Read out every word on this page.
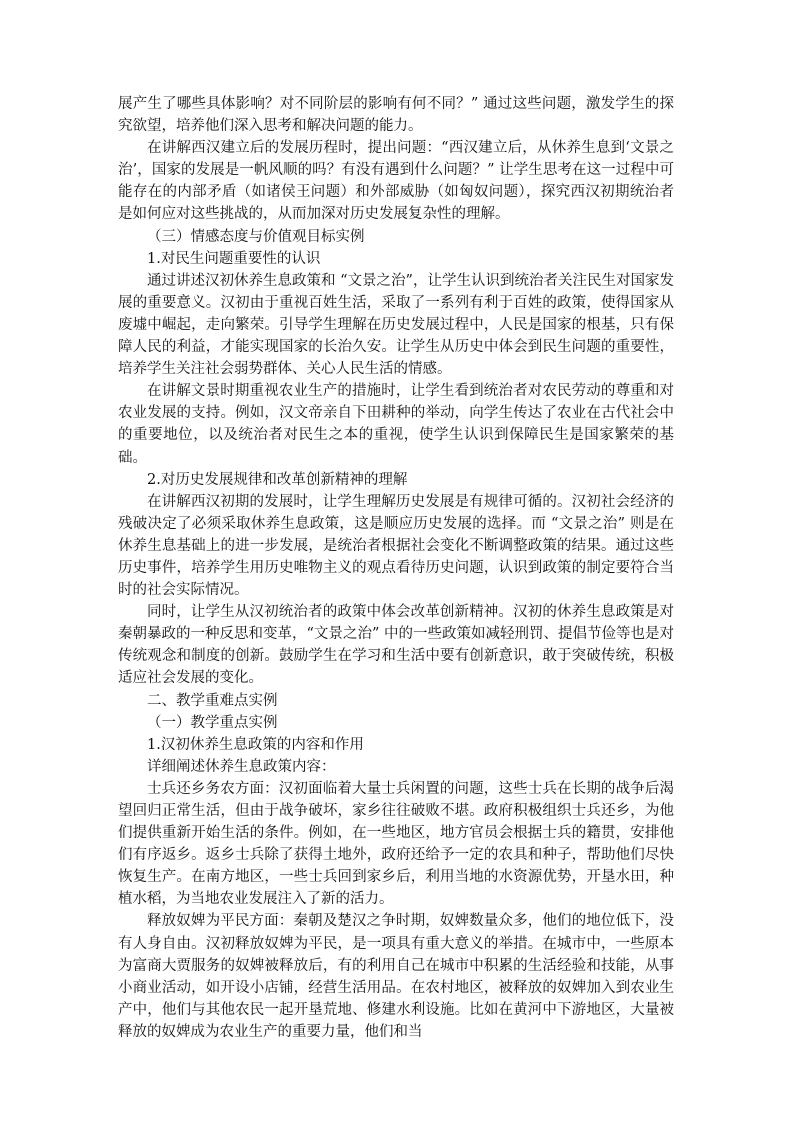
展产生了哪些具体影响？对不同阶层的影响有何不同？” 通过这些问题，激发学生的探究欲望，培养他们深入思考和解决问题的能力。

在讲解西汉建立后的发展历程时，提出问题：“西汉建立后，从休养生息到‘文景之治’，国家的发展是一帆风顺的吗？有没有遇到什么问题？” 让学生思考在这一过程中可能存在的内部矛盾（如诸侯王问题）和外部威胁（如匈奴问题），探究西汉初期统治者是如何应对这些挑战的，从而加深对历史发展复杂性的理解。

（三）情感态度与价值观目标实例

1.对民生问题重要性的认识

通过讲述汉初休养生息政策和 “文景之治”，让学生认识到统治者关注民生对国家发展的重要意义。汉初由于重视百姓生活，采取了一系列有利于百姓的政策，使得国家从废墟中崛起，走向繁荣。引导学生理解在历史发展过程中，人民是国家的根基，只有保障人民的利益，才能实现国家的长治久安。让学生从历史中体会到民生问题的重要性，培养学生关注社会弱势群体、关心人民生活的情感。

在讲解文景时期重视农业生产的措施时，让学生看到统治者对农民劳动的尊重和对农业发展的支持。例如，汉文帝亲自下田耕种的举动，向学生传达了农业在古代社会中的重要地位，以及统治者对民生之本的重视，使学生认识到保障民生是国家繁荣的基础。

2.对历史发展规律和改革创新精神的理解

在讲解西汉初期的发展时，让学生理解历史发展是有规律可循的。汉初社会经济的残破决定了必须采取休养生息政策，这是顺应历史发展的选择。而 “文景之治” 则是在休养生息基础上的进一步发展，是统治者根据社会变化不断调整政策的结果。通过这些历史事件，培养学生用历史唯物主义的观点看待历史问题，认识到政策的制定要符合当时的社会实际情况。

同时，让学生从汉初统治者的政策中体会改革创新精神。汉初的休养生息政策是对秦朝暴政的一种反思和变革，“文景之治” 中的一些政策如减轻刑罚、提倡节俭等也是对传统观念和制度的创新。鼓励学生在学习和生活中要有创新意识，敢于突破传统，积极适应社会发展的变化。

二、教学重难点实例

（一）教学重点实例

1.汉初休养生息政策的内容和作用

详细阐述休养生息政策内容：

士兵还乡务农方面：汉初面临着大量士兵闲置的问题，这些士兵在长期的战争后渴望回归正常生活，但由于战争破坏，家乡往往破败不堪。政府积极组织士兵还乡，为他们提供重新开始生活的条件。例如，在一些地区，地方官员会根据士兵的籍贯，安排他们有序返乡。返乡士兵除了获得土地外，政府还给予一定的农具和种子，帮助他们尽快恢复生产。在南方地区，一些士兵回到家乡后，利用当地的水资源优势，开垦水田，种植水稻，为当地农业发展注入了新的活力。

释放奴婢为平民方面：秦朝及楚汉之争时期，奴婢数量众多，他们的地位低下，没有人身自由。汉初释放奴婢为平民，是一项具有重大意义的举措。在城市中，一些原本为富商大贾服务的奴婢被释放后，有的利用自己在城市中积累的生活经验和技能，从事小商业活动，如开设小店铺，经营生活用品。在农村地区，被释放的奴婢加入到农业生产中，他们与其他农民一起开垦荒地、修建水利设施。比如在黄河中下游地区，大量被释放的奴婢成为农业生产的重要力量，他们和当
